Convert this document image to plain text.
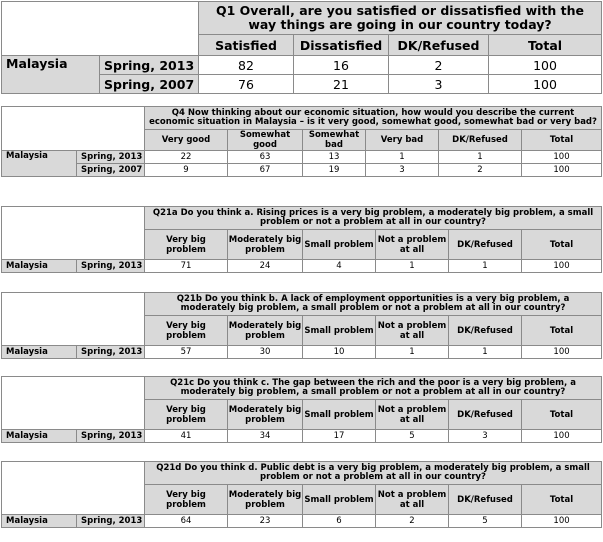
		Q1 Overall, are you satisfied or dissatisfied with the way things are going in our country today?			
		Satisfied	Dissatisfied	DK/Refused	Total
Malaysia	Spring, 2013	82	16	2	100
	Spring, 2007	76	21	3	100
		Q4 Now thinking about our economic situation, how would you describe the current economic situation in Malaysia – is it very good, somewhat good, somewhat bad or very bad?					
		Very good	Somewhat good	Somewhat bad	Very bad	DK/Refused	Total
Malaysia	Spring, 2013	22	63	13	1	1	100
	Spring, 2007	9	67	19	3	2	100
		Q21a Do you think a. Rising prices is a very big problem, a moderately big problem, a small problem or not a problem at all in our country?					
		Very big problem	Moderately big problem	Small problem	Not a problem at all	DK/Refused	Total
Malaysia	Spring, 2013	71	24	4	1	1	100
		Q21b Do you think b. A lack of employment opportunities is a very big problem, a moderately big problem, a small problem or not a problem at all in our country?					
		Very big problem	Moderately big problem	Small problem	Not a problem at all	DK/Refused	Total
Malaysia	Spring, 2013	57	30	10	1	1	100
		Q21c Do you think c. The gap between the rich and the poor is a very big problem, a moderately big problem, a small problem or not a problem at all in our country?					
		Very big problem	Moderately big problem	Small problem	Not a problem at all	DK/Refused	Total
Malaysia	Spring, 2013	41	34	17	5	3	100
		Q21d Do you think d. Public debt is a very big problem, a moderately big problem, a small problem or not a problem at all in our country?					
		Very big problem	Moderately big problem	Small problem	Not a problem at all	DK/Refused	Total
Malaysia	Spring, 2013	64	23	6	2	5	100
